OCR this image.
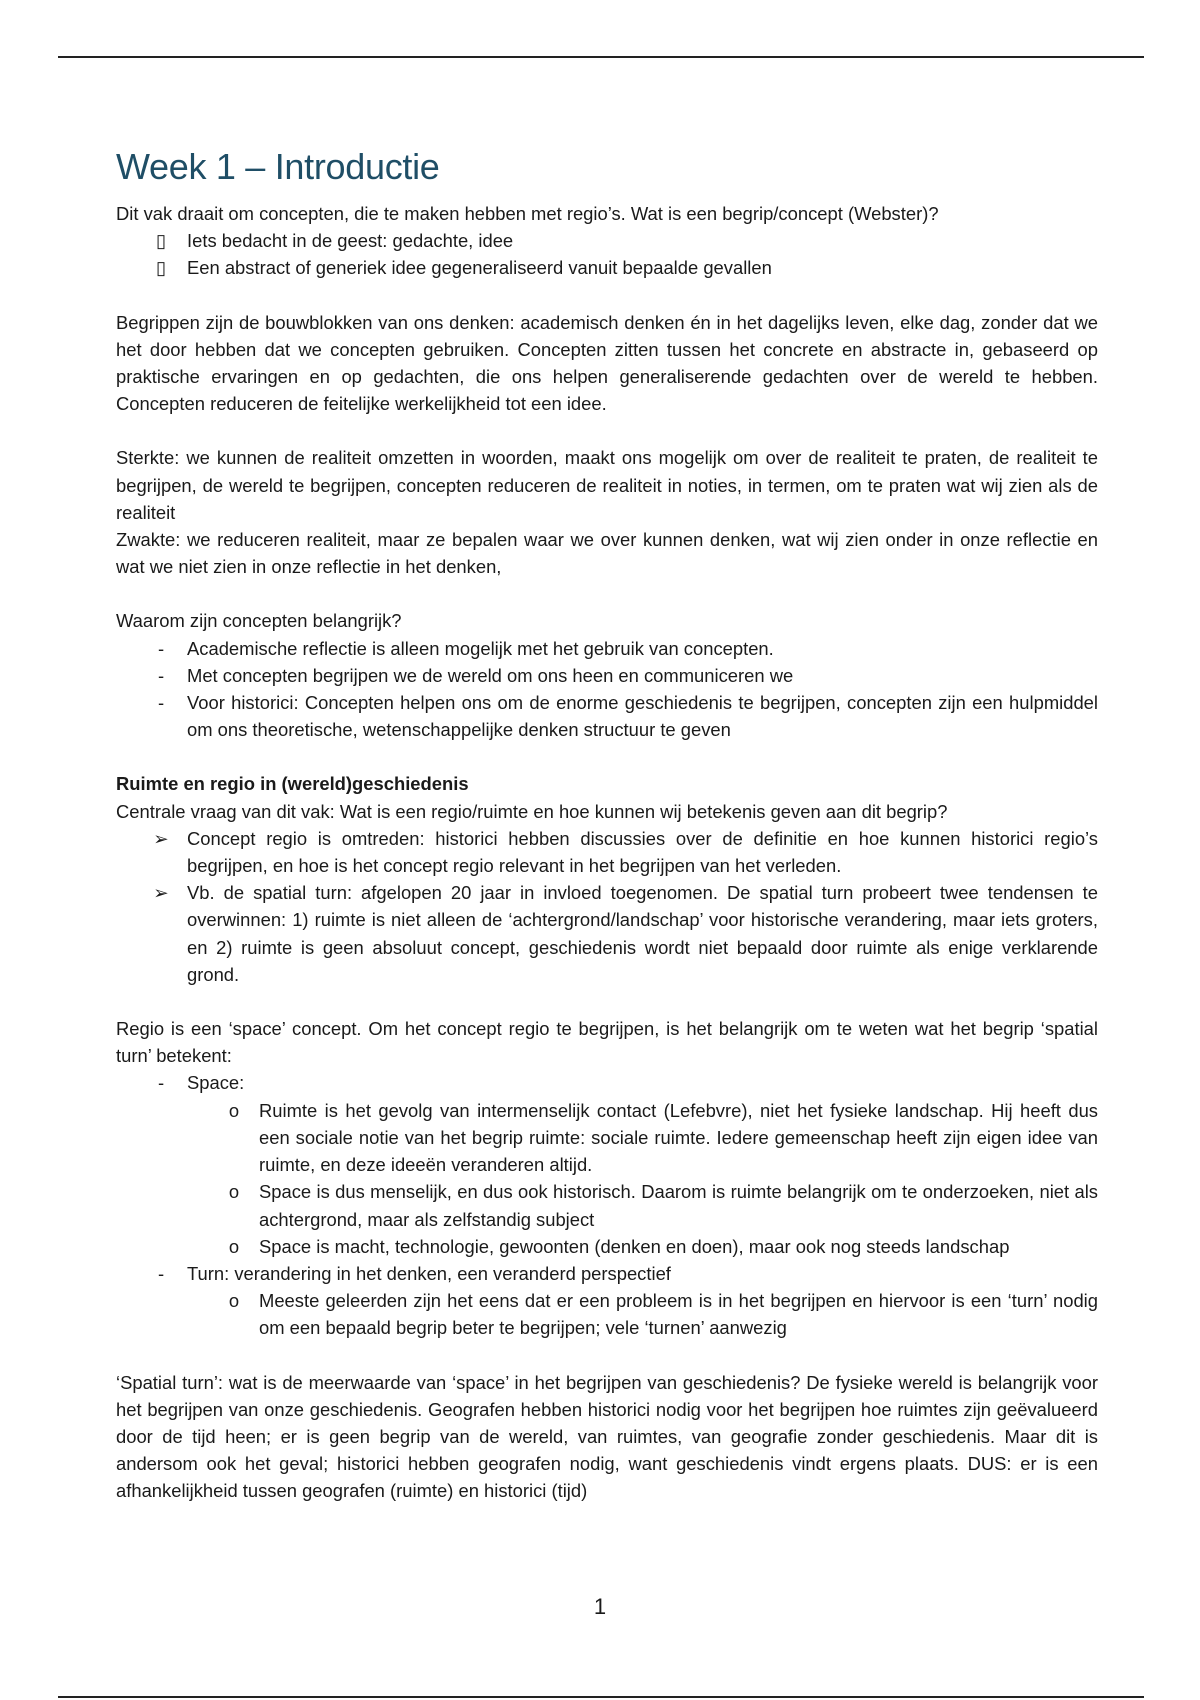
Week 1 – Introductie

Dit vak draait om concepten, die te maken hebben met regio’s. Wat is een begrip/concept (Webster)?

▯ Iets bedacht in de geest: gedachte, idee
▯ Een abstract of generiek idee gegeneraliseerd vanuit bepaalde gevallen

Begrippen zijn de bouwblokken van ons denken: academisch denken én in het dagelijks leven, elke dag, zonder dat we het door hebben dat we concepten gebruiken. Concepten zitten tussen het concrete en abstracte in, gebaseerd op praktische ervaringen en op gedachten, die ons helpen generaliserende gedachten over de wereld te hebben. Concepten reduceren de feitelijke werkelijkheid tot een idee.

Sterkte: we kunnen de realiteit omzetten in woorden, maakt ons mogelijk om over de realiteit te praten, de realiteit te begrijpen, de wereld te begrijpen, concepten reduceren de realiteit in noties, in termen, om te praten wat wij zien als de realiteit

Zwakte: we reduceren realiteit, maar ze bepalen waar we over kunnen denken, wat wij zien onder in onze reflectie en wat we niet zien in onze reflectie in het denken,

Waarom zijn concepten belangrijk?

-	Academische reflectie is alleen mogelijk met het gebruik van concepten.
-	Met concepten begrijpen we de wereld om ons heen en communiceren we
-	Voor historici: Concepten helpen ons om de enorme geschiedenis te begrijpen, concepten zijn een hulpmiddel om ons theoretische, wetenschappelijke denken structuur te geven

Ruimte en regio in (wereld)geschiedenis

Centrale vraag van dit vak: Wat is een regio/ruimte en hoe kunnen wij betekenis geven aan dit begrip?

➢ Concept regio is omtreden: historici hebben discussies over de definitie en hoe kunnen historici regio’s begrijpen, en hoe is het concept regio relevant in het begrijpen van het verleden.
➢ Vb. de spatial turn: afgelopen 20 jaar in invloed toegenomen. De spatial turn probeert twee tendensen te overwinnen: 1) ruimte is niet alleen de ‘achtergrond/landschap’ voor historische verandering, maar iets groters, en 2) ruimte is geen absoluut concept, geschiedenis wordt niet bepaald door ruimte als enige verklarende grond.

Regio is een ‘space’ concept. Om het concept regio te begrijpen, is het belangrijk om te weten wat het begrip ‘spatial turn’ betekent:

-	Space:
o Ruimte is het gevolg van intermenselijk contact (Lefebvre), niet het fysieke landschap. Hij heeft dus een sociale notie van het begrip ruimte: sociale ruimte. Iedere gemeenschap heeft zijn eigen idee van ruimte, en deze ideeën veranderen altijd.
o Space is dus menselijk, en dus ook historisch. Daarom is ruimte belangrijk om te onderzoeken, niet als achtergrond, maar als zelfstandig subject
o Space is macht, technologie, gewoonten (denken en doen), maar ook nog steeds landschap
-	Turn: verandering in het denken, een veranderd perspectief
o Meeste geleerden zijn het eens dat er een probleem is in het begrijpen en hiervoor is een ‘turn’ nodig om een bepaald begrip beter te begrijpen; vele ‘turnen’ aanwezig

‘Spatial turn’: wat is de meerwaarde van ‘space’ in het begrijpen van geschiedenis? De fysieke wereld is belangrijk voor het begrijpen van onze geschiedenis. Geografen hebben historici nodig voor het begrijpen hoe ruimtes zijn geëvalueerd door de tijd heen; er is geen begrip van de wereld, van ruimtes, van geografie zonder geschiedenis. Maar dit is andersom ook het geval; historici hebben geografen nodig, want geschiedenis vindt ergens plaats. DUS: er is een afhankelijkheid tussen geografen (ruimte) en historici (tijd)

1
